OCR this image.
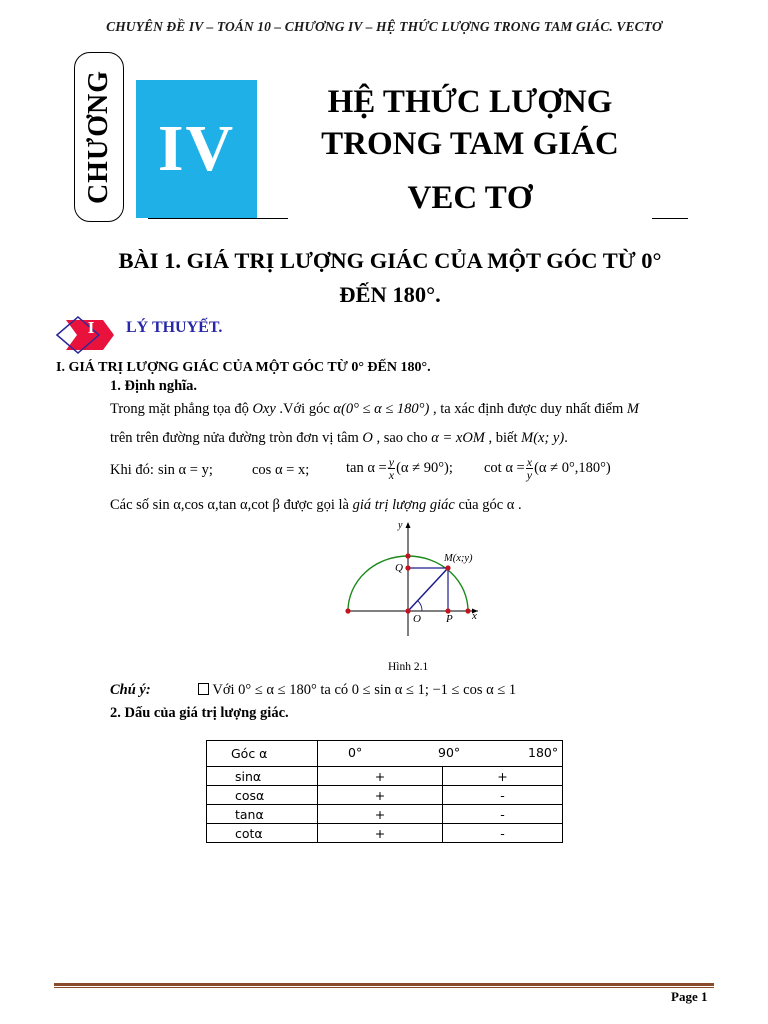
CHUYÊN ĐỀ IV – TOÁN 10 – CHƯƠNG IV – HỆ THỨC LƯỢNG TRONG TAM GIÁC. VECTƠ
CHƯƠNG IV
HỆ THỨC LƯỢNG
TRONG TAM GIÁC
VEC TƠ
BÀI 1. GIÁ TRỊ LƯỢNG GIÁC CỦA MỘT GÓC TỪ 0°
ĐẾN 180°.
I	LÝ THUYẾT.
I. GIÁ TRỊ LƯỢNG GIÁC CỦA MỘT GÓC TỪ 0° ĐẾN 180°.
1. Định nghĩa.
Trong mặt phẳng tọa độ Oxy .Với góc α(0° ≤ α ≤ 180°) , ta xác định được duy nhất điểm M
trên trên đường nửa đường tròn đơn vị tâm O , sao cho α = xOM , biết M(x; y).
Khi đó: sin α = y;	cos α = x;	$\tan \alpha = \frac{y}{x} (\alpha \ne 90^\circ)$; $\cot \alpha = \frac{x}{y} (\alpha \ne 0^\circ,180^\circ)$
Các số sin α,cos α,tan α,cot β được gọi là giá trị lượng giác của góc α .
y
x
O P
Q
M(x;y)
Hình 2.1
Chú ý:	Với 0° ≤ α ≤ 180° ta có 0 ≤ sin α ≤ 1; −1 ≤ cos α ≤ 1
2. Dấu của giá trị lượng giác.
Góc α	0° 90° 180°	

sinα	+	+
cosα	+	-
tanα	+	-
cotα	+	-
Page 1
